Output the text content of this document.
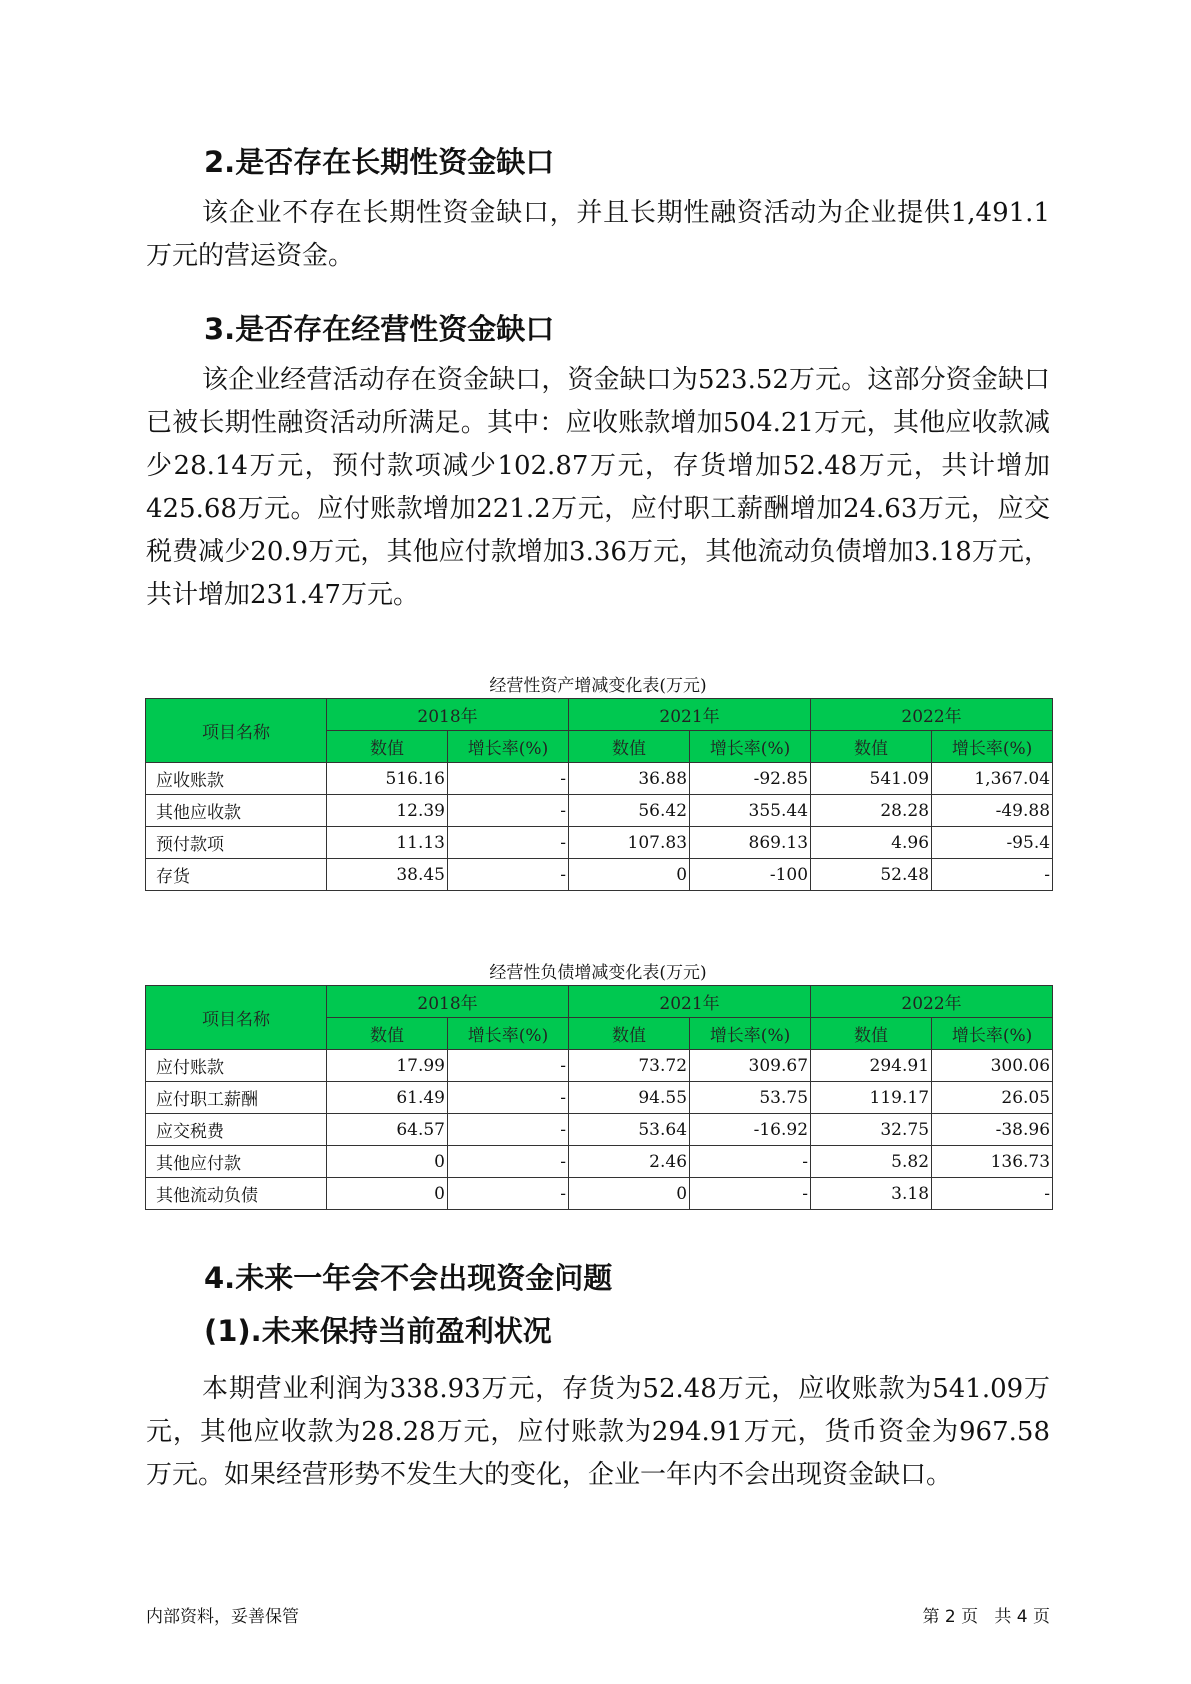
2.是否存在长期性资金缺口

该企业不存在长期性资金缺口，并且长期性融资活动为企业提供1,491.1万元的营运资金。

3.是否存在经营性资金缺口

该企业经营活动存在资金缺口，资金缺口为523.52万元。这部分资金缺口已被长期性融资活动所满足。其中：应收账款增加504.21万元，其他应收款减少28.14万元，预付款项减少102.87万元，存货增加52.48万元，共计增加425.68万元。应付账款增加221.2万元，应付职工薪酬增加24.63万元，应交税费减少20.9万元，其他应付款增加3.36万元，其他流动负债增加3.18万元，共计增加231.47万元。

经营性资产增减变化表(万元)

项目名称	2018年		2021年		2022年	
	数值	增长率(%)	数值	增长率(%)	数值	增长率(%)
应收账款	516.16	-	36.88	-92.85	541.09	1,367.04
其他应收款	12.39	-	56.42	355.44	28.28	-49.88
预付款项	11.13	-	107.83	869.13	4.96	-95.4
存货	38.45	-	0	-100	52.48	-

经营性负债增减变化表(万元)

项目名称	2018年		2021年		2022年	
	数值	增长率(%)	数值	增长率(%)	数值	增长率(%)
应付账款	17.99	-	73.72	309.67	294.91	300.06
应付职工薪酬	61.49	-	94.55	53.75	119.17	26.05
应交税费	64.57	-	53.64	-16.92	32.75	-38.96
其他应付款	0	-	2.46	-	5.82	136.73
其他流动负债	0	-	0	-	3.18	-
4.未来一年会不会出现资金问题
(1).未来保持当前盈利状况

本期营业利润为338.93万元，存货为52.48万元，应收账款为541.09万元，其他应收款为28.28万元，应付账款为294.91万元，货币资金为967.58万元。如果经营形势不发生大的变化，企业一年内不会出现资金缺口。

内部资料，妥善保管	第 2 页   共 4 页
